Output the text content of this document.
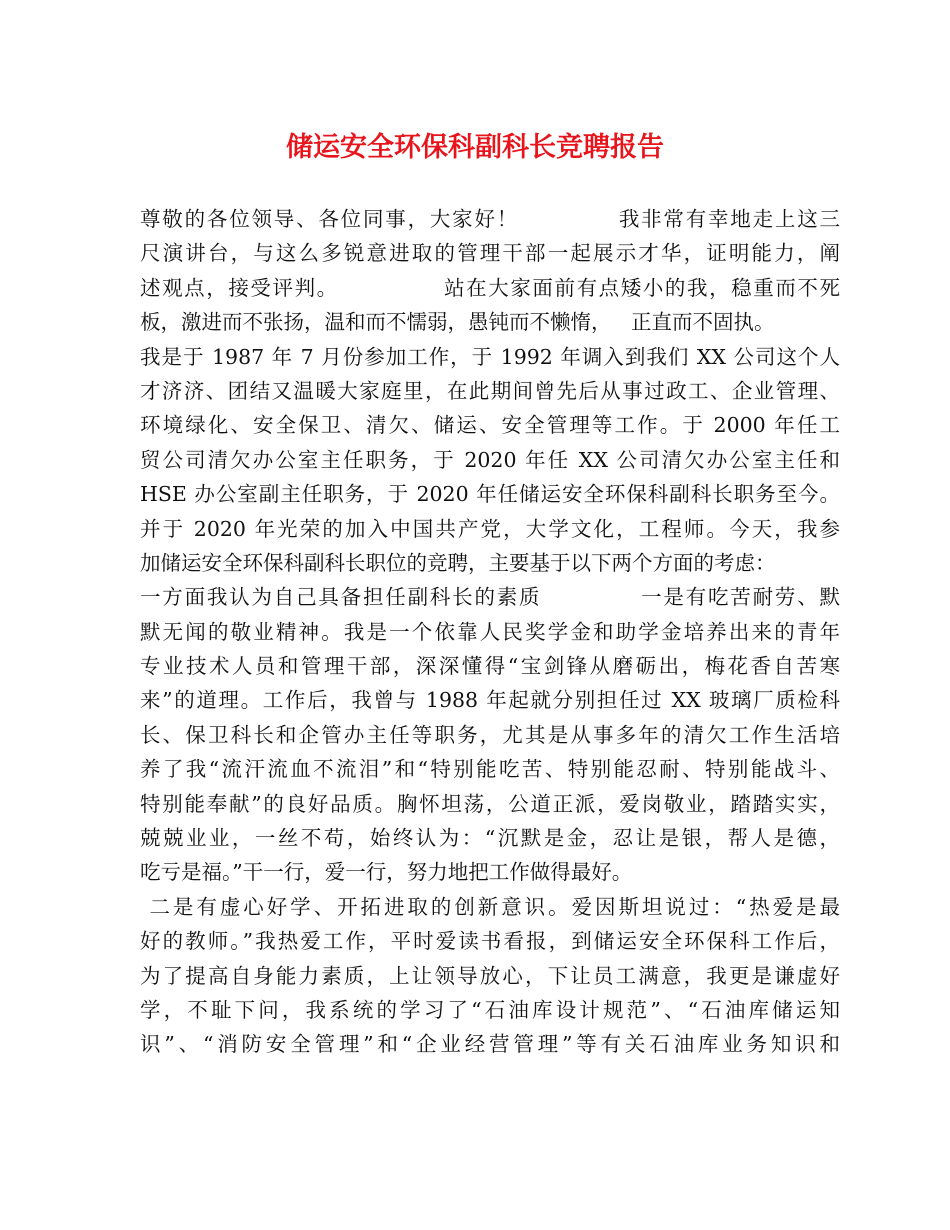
储运安全环保科副科长竞聘报告
尊敬的各位领导、各位同事，大家好！            我非常有幸地走上这三
尺演讲台，与这么多锐意进取的管理干部一起展示才华，证明能力，阐
述观点，接受评判。             站在大家面前有点矮小的我，稳重而不死
板，激进而不张扬，温和而不懦弱，愚钝而不懒惰，   正直而不固执。
我是于 1987 年 7 月份参加工作，于 1992 年调入到我们 XX 公司这个人
才济济、团结又温暖大家庭里，在此期间曾先后从事过政工、企业管理、
环境绿化、安全保卫、清欠、储运、安全管理等工作。于 2000 年任工
贸公司清欠办公室主任职务，于 2020 年任 XX 公司清欠办公室主任和
HSE 办公室副主任职务，于 2020 年任储运安全环保科副科长职务至今。
并于 2020 年光荣的加入中国共产党，大学文化，工程师。今天，我参
加储运安全环保科副科长职位的竞聘，主要基于以下两个方面的考虑：
一方面我认为自己具备担任副科长的素质            一是有吃苦耐劳、默
默无闻的敬业精神。我是一个依靠人民奖学金和助学金培养出来的青年
专业技术人员和管理干部，深深懂得“宝剑锋从磨砺出，梅花香自苦寒
来”的道理。工作后，我曾与 1988 年起就分别担任过 XX 玻璃厂质检科
长、保卫科长和企管办主任等职务，尤其是从事多年的清欠工作生活培
养了我“流汗流血不流泪”和“特别能吃苦、特别能忍耐、特别能战斗、
特别能奉献”的良好品质。胸怀坦荡，公道正派，爱岗敬业，踏踏实实，
兢兢业业，一丝不苟，始终认为：“沉默是金，忍让是银，帮人是德，
吃亏是福。”干一行，爱一行，努力地把工作做得最好。
二是有虚心好学、开拓进取的创新意识。爱因斯坦说过：“热爱是最
好的教师。”我热爱工作，平时爱读书看报，到储运安全环保科工作后，
为了提高自身能力素质，上让领导放心，下让员工满意，我更是谦虚好
学，不耻下问，我系统的学习了“石油库设计规范”、“石油库储运知
识”、“消防安全管理”和“企业经营管理”等有关石油库业务知识和
